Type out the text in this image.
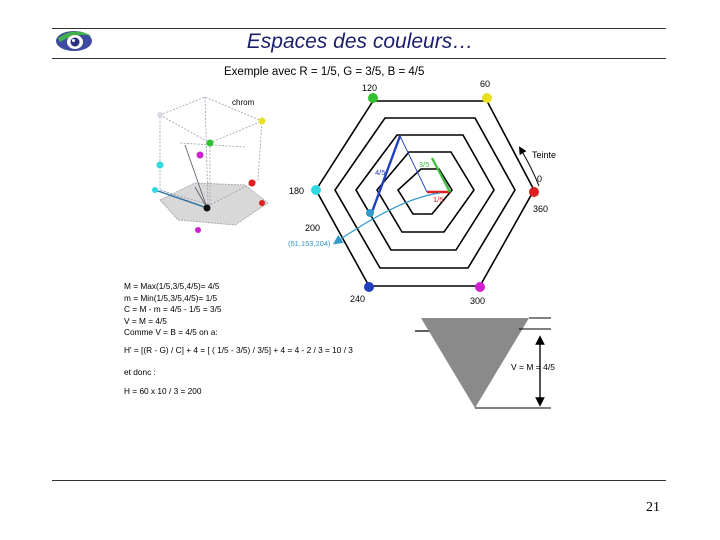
Espaces des couleurs…
Exemple avec R = 1/5, G = 3/5, B = 4/5
chrom
0
60
120
180
200
240	300
360
Teinte
3/5
4/5
1/5
(51,153,204)
M = Max(1/5,3/5,4/5)= 4/5
m = Min(1/5,3/5,4/5)= 1/5
C = M - m = 4/5 - 1/5 = 3/5
V = M = 4/5
Comme V = B = 4/5 on a:
H' = [(R - G) / C] + 4 = [ ( 1/5 - 3/5) / 3/5] + 4 = 4 - 2 / 3 = 10 / 3
et donc :
H = 60 x 10 / 3 = 200
V = M = 4/5
21
